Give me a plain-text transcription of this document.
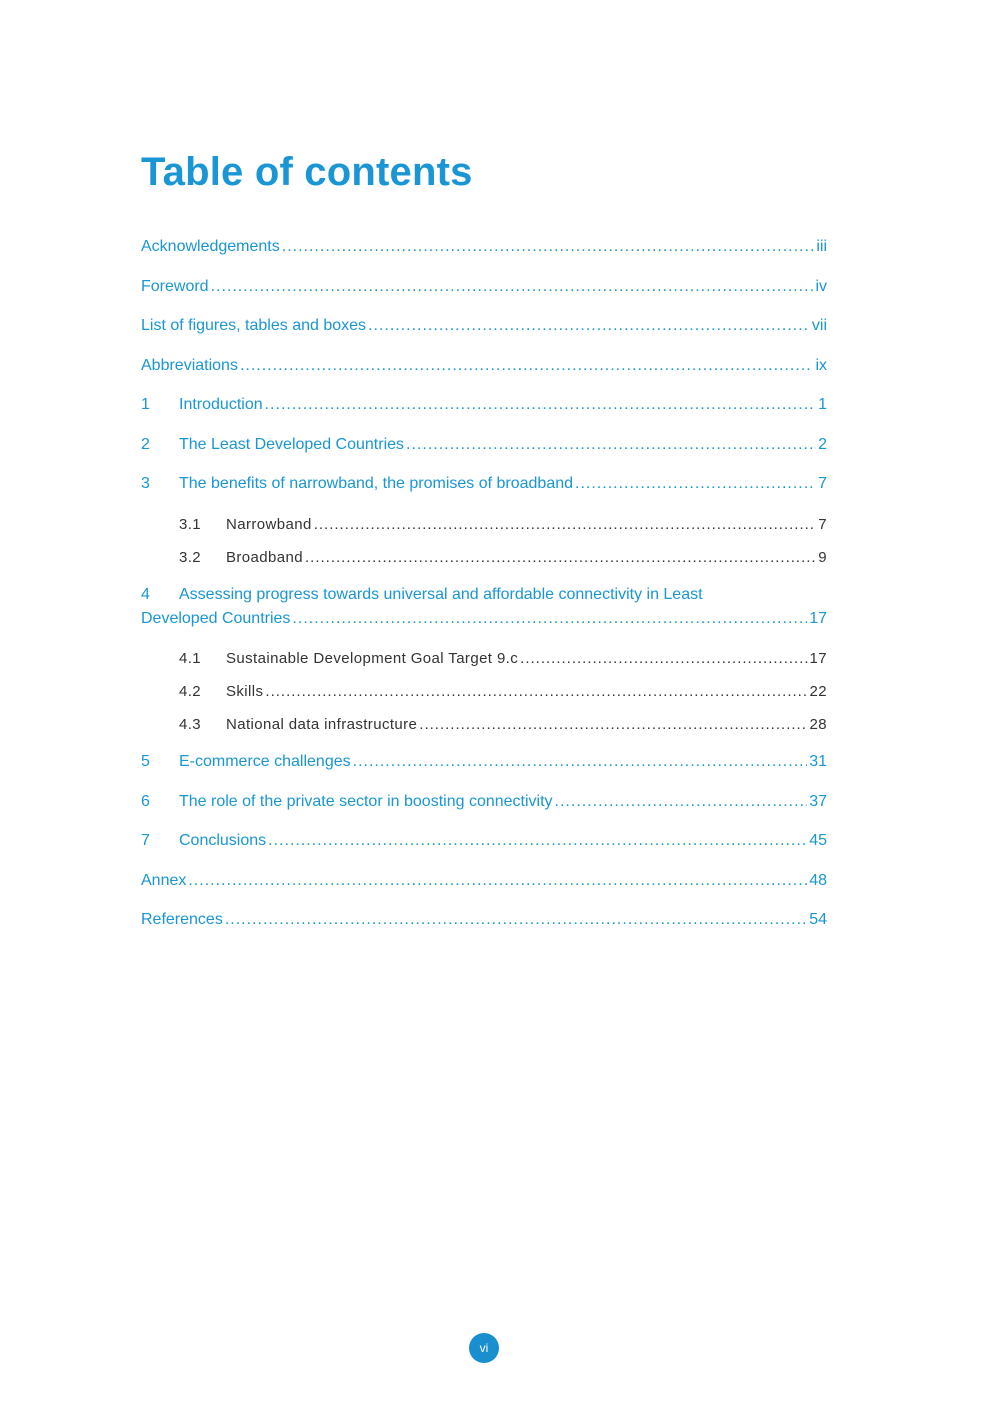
Table of contents
Acknowledgements .....	iii
Foreword .....	iv
List of figures, tables and boxes .....	vii
Abbreviations .....	ix
1	Introduction .....	1
2	The Least Developed Countries .....	2
3	The benefits of narrowband, the promises of broadband .....	7
3.1	Narrowband .....	7
3.2	Broadband .....	9
4 Assessing progress towards universal and affordable connectivity in Least
Developed Countries .....	17
4.1	Sustainable Development Goal Target 9.c .....	17
4.2	Skills .....	22
4.3	National data infrastructure .....	28
5	E-commerce challenges .....	31
6	The role of the private sector in boosting connectivity .....	37
7	Conclusions .....	45
Annex .....	48
References .....	54
vi
